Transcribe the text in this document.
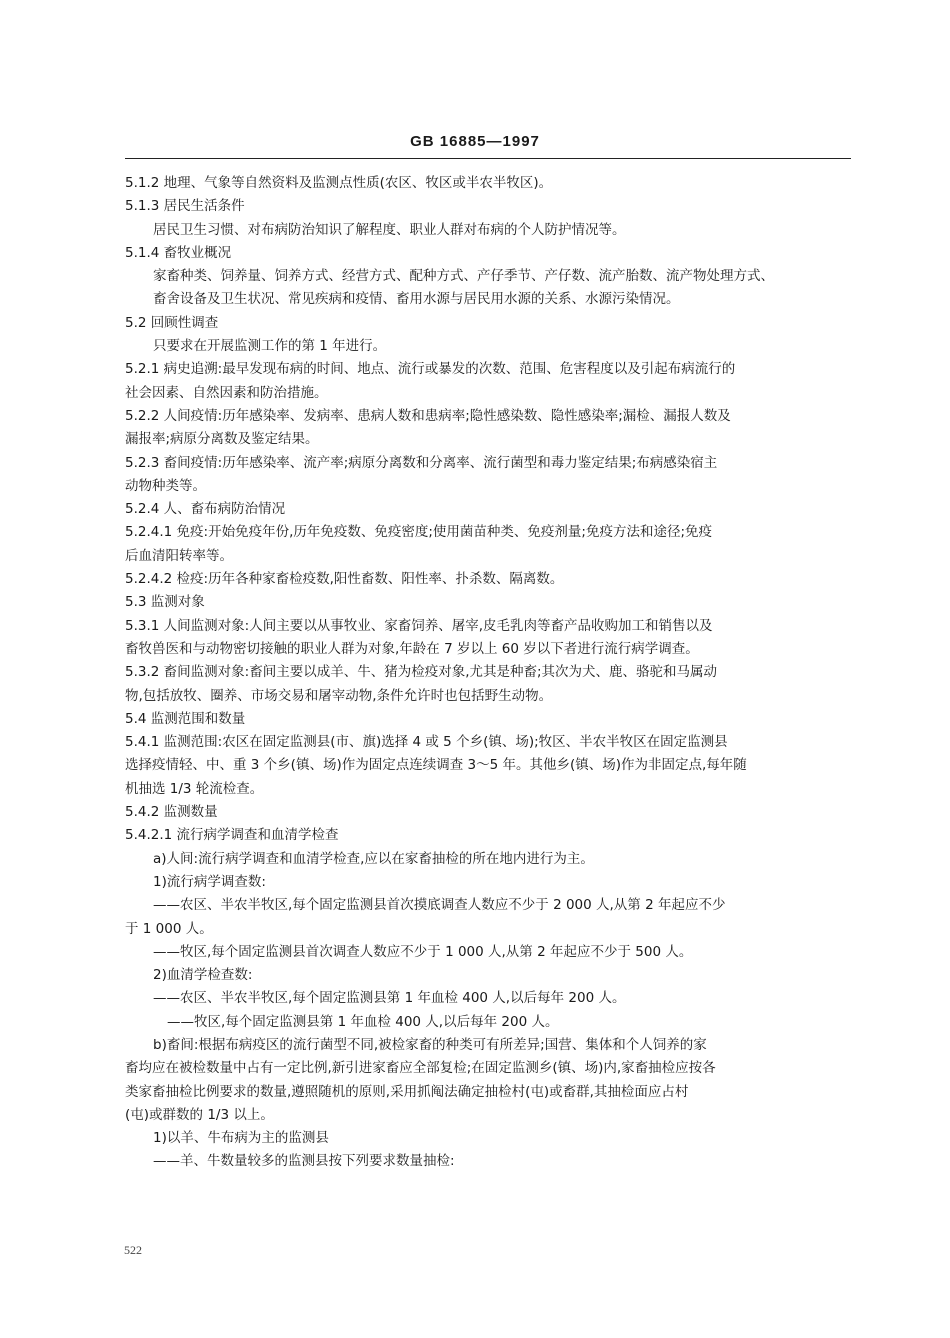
GB 16885—1997
5.1.2 地理、气象等自然资料及监测点性质(农区、牧区或半农半牧区)。
5.1.3 居民生活条件
居民卫生习惯、对布病防治知识了解程度、职业人群对布病的个人防护情况等。
5.1.4 畜牧业概况
家畜种类、饲养量、饲养方式、经营方式、配种方式、产仔季节、产仔数、流产胎数、流产物处理方式、
畜舍设备及卫生状况、常见疾病和疫情、畜用水源与居民用水源的关系、水源污染情况。
5.2 回顾性调查
只要求在开展监测工作的第 1 年进行。
5.2.1 病史追溯:最早发现布病的时间、地点、流行或暴发的次数、范围、危害程度以及引起布病流行的
社会因素、自然因素和防治措施。
5.2.2 人间疫情:历年感染率、发病率、患病人数和患病率;隐性感染数、隐性感染率;漏检、漏报人数及
漏报率;病原分离数及鉴定结果。
5.2.3 畜间疫情:历年感染率、流产率;病原分离数和分离率、流行菌型和毒力鉴定结果;布病感染宿主
动物种类等。
5.2.4 人、畜布病防治情况
5.2.4.1 免疫:开始免疫年份,历年免疫数、免疫密度;使用菌苗种类、免疫剂量;免疫方法和途径;免疫
后血清阳转率等。
5.2.4.2 检疫:历年各种家畜检疫数,阳性畜数、阳性率、扑杀数、隔离数。
5.3 监测对象
5.3.1 人间监测对象:人间主要以从事牧业、家畜饲养、屠宰,皮毛乳肉等畜产品收购加工和销售以及
畜牧兽医和与动物密切接触的职业人群为对象,年龄在 7 岁以上 60 岁以下者进行流行病学调查。
5.3.2 畜间监测对象:畜间主要以成羊、牛、猪为检疫对象,尤其是种畜;其次为犬、鹿、骆驼和马属动
物,包括放牧、圈养、市场交易和屠宰动物,条件允许时也包括野生动物。
5.4 监测范围和数量
5.4.1 监测范围:农区在固定监测县(市、旗)选择 4 或 5 个乡(镇、场);牧区、半农半牧区在固定监测县
选择疫情轻、中、重 3 个乡(镇、场)作为固定点连续调查 3～5 年。其他乡(镇、场)作为非固定点,每年随
机抽选 1/3 轮流检查。
5.4.2 监测数量
5.4.2.1 流行病学调查和血清学检查
a)人间:流行病学调查和血清学检查,应以在家畜抽检的所在地内进行为主。
1)流行病学调查数:
——农区、半农半牧区,每个固定监测县首次摸底调查人数应不少于 2 000 人,从第 2 年起应不少
于 1 000 人。
——牧区,每个固定监测县首次调查人数应不少于 1 000 人,从第 2 年起应不少于 500 人。
2)血清学检查数:
——农区、半农半牧区,每个固定监测县第 1 年血检 400 人,以后每年 200 人。
——牧区,每个固定监测县第 1 年血检 400 人,以后每年 200 人。
b)畜间:根据布病疫区的流行菌型不同,被检家畜的种类可有所差异;国营、集体和个人饲养的家
畜均应在被检数量中占有一定比例,新引进家畜应全部复检;在固定监测乡(镇、场)内,家畜抽检应按各
类家畜抽检比例要求的数量,遵照随机的原则,采用抓阄法确定抽检村(屯)或畜群,其抽检面应占村
(屯)或群数的 1/3 以上。
1)以羊、牛布病为主的监测县
——羊、牛数量较多的监测县按下列要求数量抽检:
522
